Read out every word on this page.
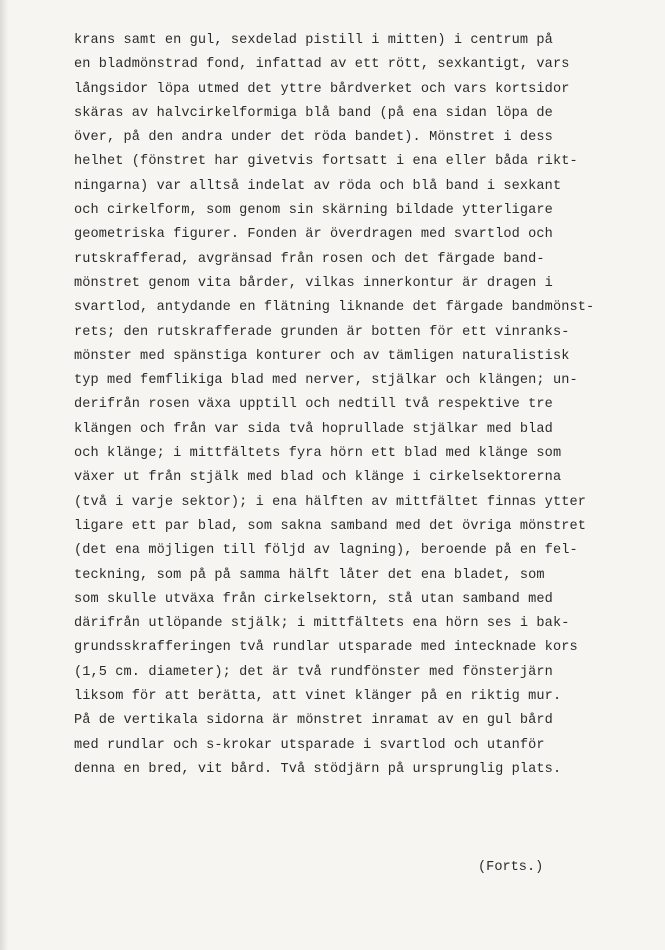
krans samt en gul, sexdelad pistill i mitten) i centrum på
en bladmönstrad fond, infattad av ett rött, sexkantigt, vars
långsidor löpa utmed det yttre bårdverket och vars kortsidor
skäras av halvcirkelformiga blå band (på ena sidan löpa de
över, på den andra under det röda bandet). Mönstret i dess
helhet (fönstret har givetvis fortsatt i ena eller båda rikt-
ningarna) var alltså indelat av röda och blå band i sexkant
och cirkelform, som genom sin skärning bildade ytterligare
geometriska figurer. Fonden är överdragen med svartlod och
rutskrafferad, avgränsad från rosen och det färgade band-
mönstret genom vita bårder, vilkas innerkontur är dragen i
svartlod, antydande en flätning liknande det färgade bandmönst-
rets; den rutskrafferade grunden är botten för ett vinranks-
mönster med spänstiga konturer och av tämligen naturalistisk
typ med femflikiga blad med nerver, stjälkar och klängen; un-
derifrån rosen växa upptill och nedtill två respektive tre
klängen och från var sida två hoprullade stjälkar med blad
och klänge; i mittfältets fyra hörn ett blad med klänge som
växer ut från stjälk med blad och klänge i cirkelsektorerna
(två i varje sektor); i ena hälften av mittfältet finnas ytter
ligare ett par blad, som sakna samband med det övriga mönstret
(det ena möjligen till följd av lagning), beroende på en fel-
teckning, som på på samma hälft låter det ena bladet, som
som skulle utväxa från cirkelsektorn, stå utan samband med
därifrån utlöpande stjälk; i mittfältets ena hörn ses i bak-
grundsskrafferingen två rundlar utsparade med intecknade kors
(1,5 cm. diameter); det är två rundfönster med fönsterjärn
liksom för att berätta, att vinet klänger på en riktig mur.
På de vertikala sidorna är mönstret inramat av en gul bård
med rundlar och s-krokar utsparade i svartlod och utanför
denna en bred, vit bård. Två stödjärn på ursprunglig plats.
(Forts.)
